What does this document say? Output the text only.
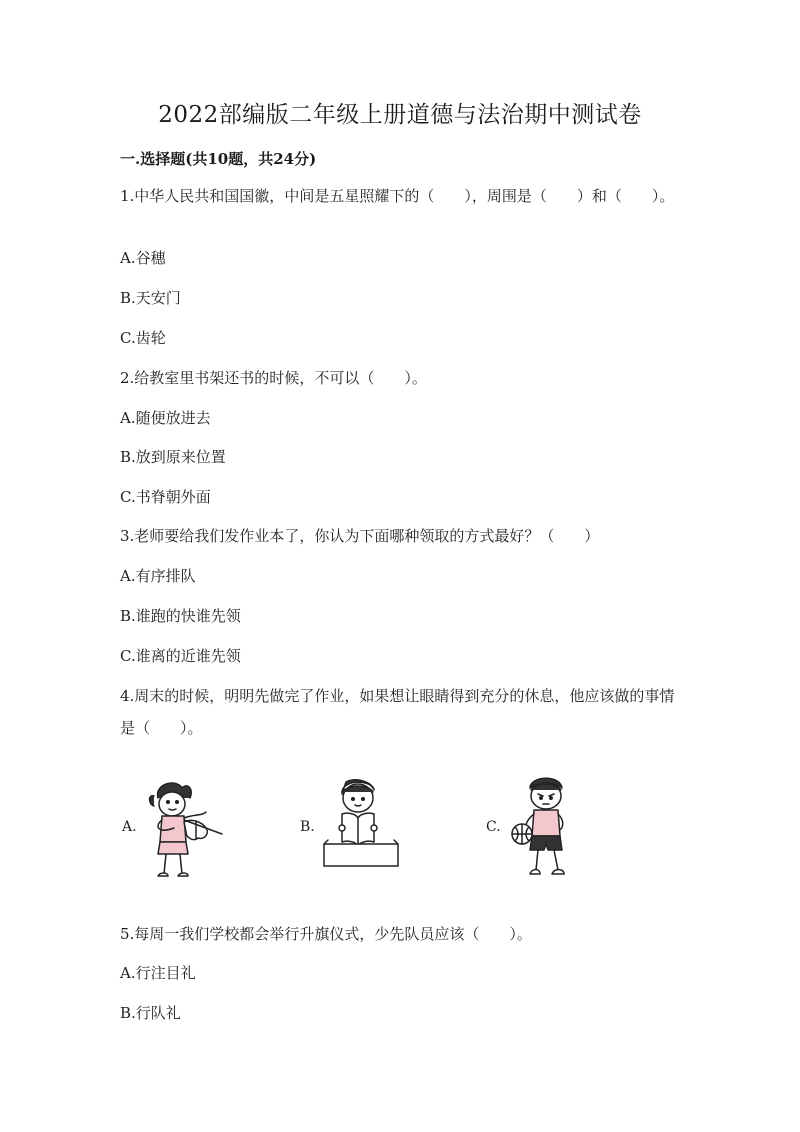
2022部编版二年级上册道德与法治期中测试卷
一.选择题(共10题，共24分)
1.中华人民共和国国徽，中间是五星照耀下的（　　），周围是（　　）和（　　）。
A.谷穗
B.天安门
C.齿轮
2.给教室里书架还书的时候，不可以（　　）。
A.随便放进去
B.放到原来位置
C.书脊朝外面
3.老师要给我们发作业本了，你认为下面哪种领取的方式最好？（　　）
A.有序排队
B.谁跑的快谁先领
C.谁离的近谁先领
4.周末的时候，明明先做完了作业，如果想让眼睛得到充分的休息，他应该做的事情是（　　）。
A.	B.	C.
5.每周一我们学校都会举行升旗仪式，少先队员应该（　　）。
A.行注目礼
B.行队礼
